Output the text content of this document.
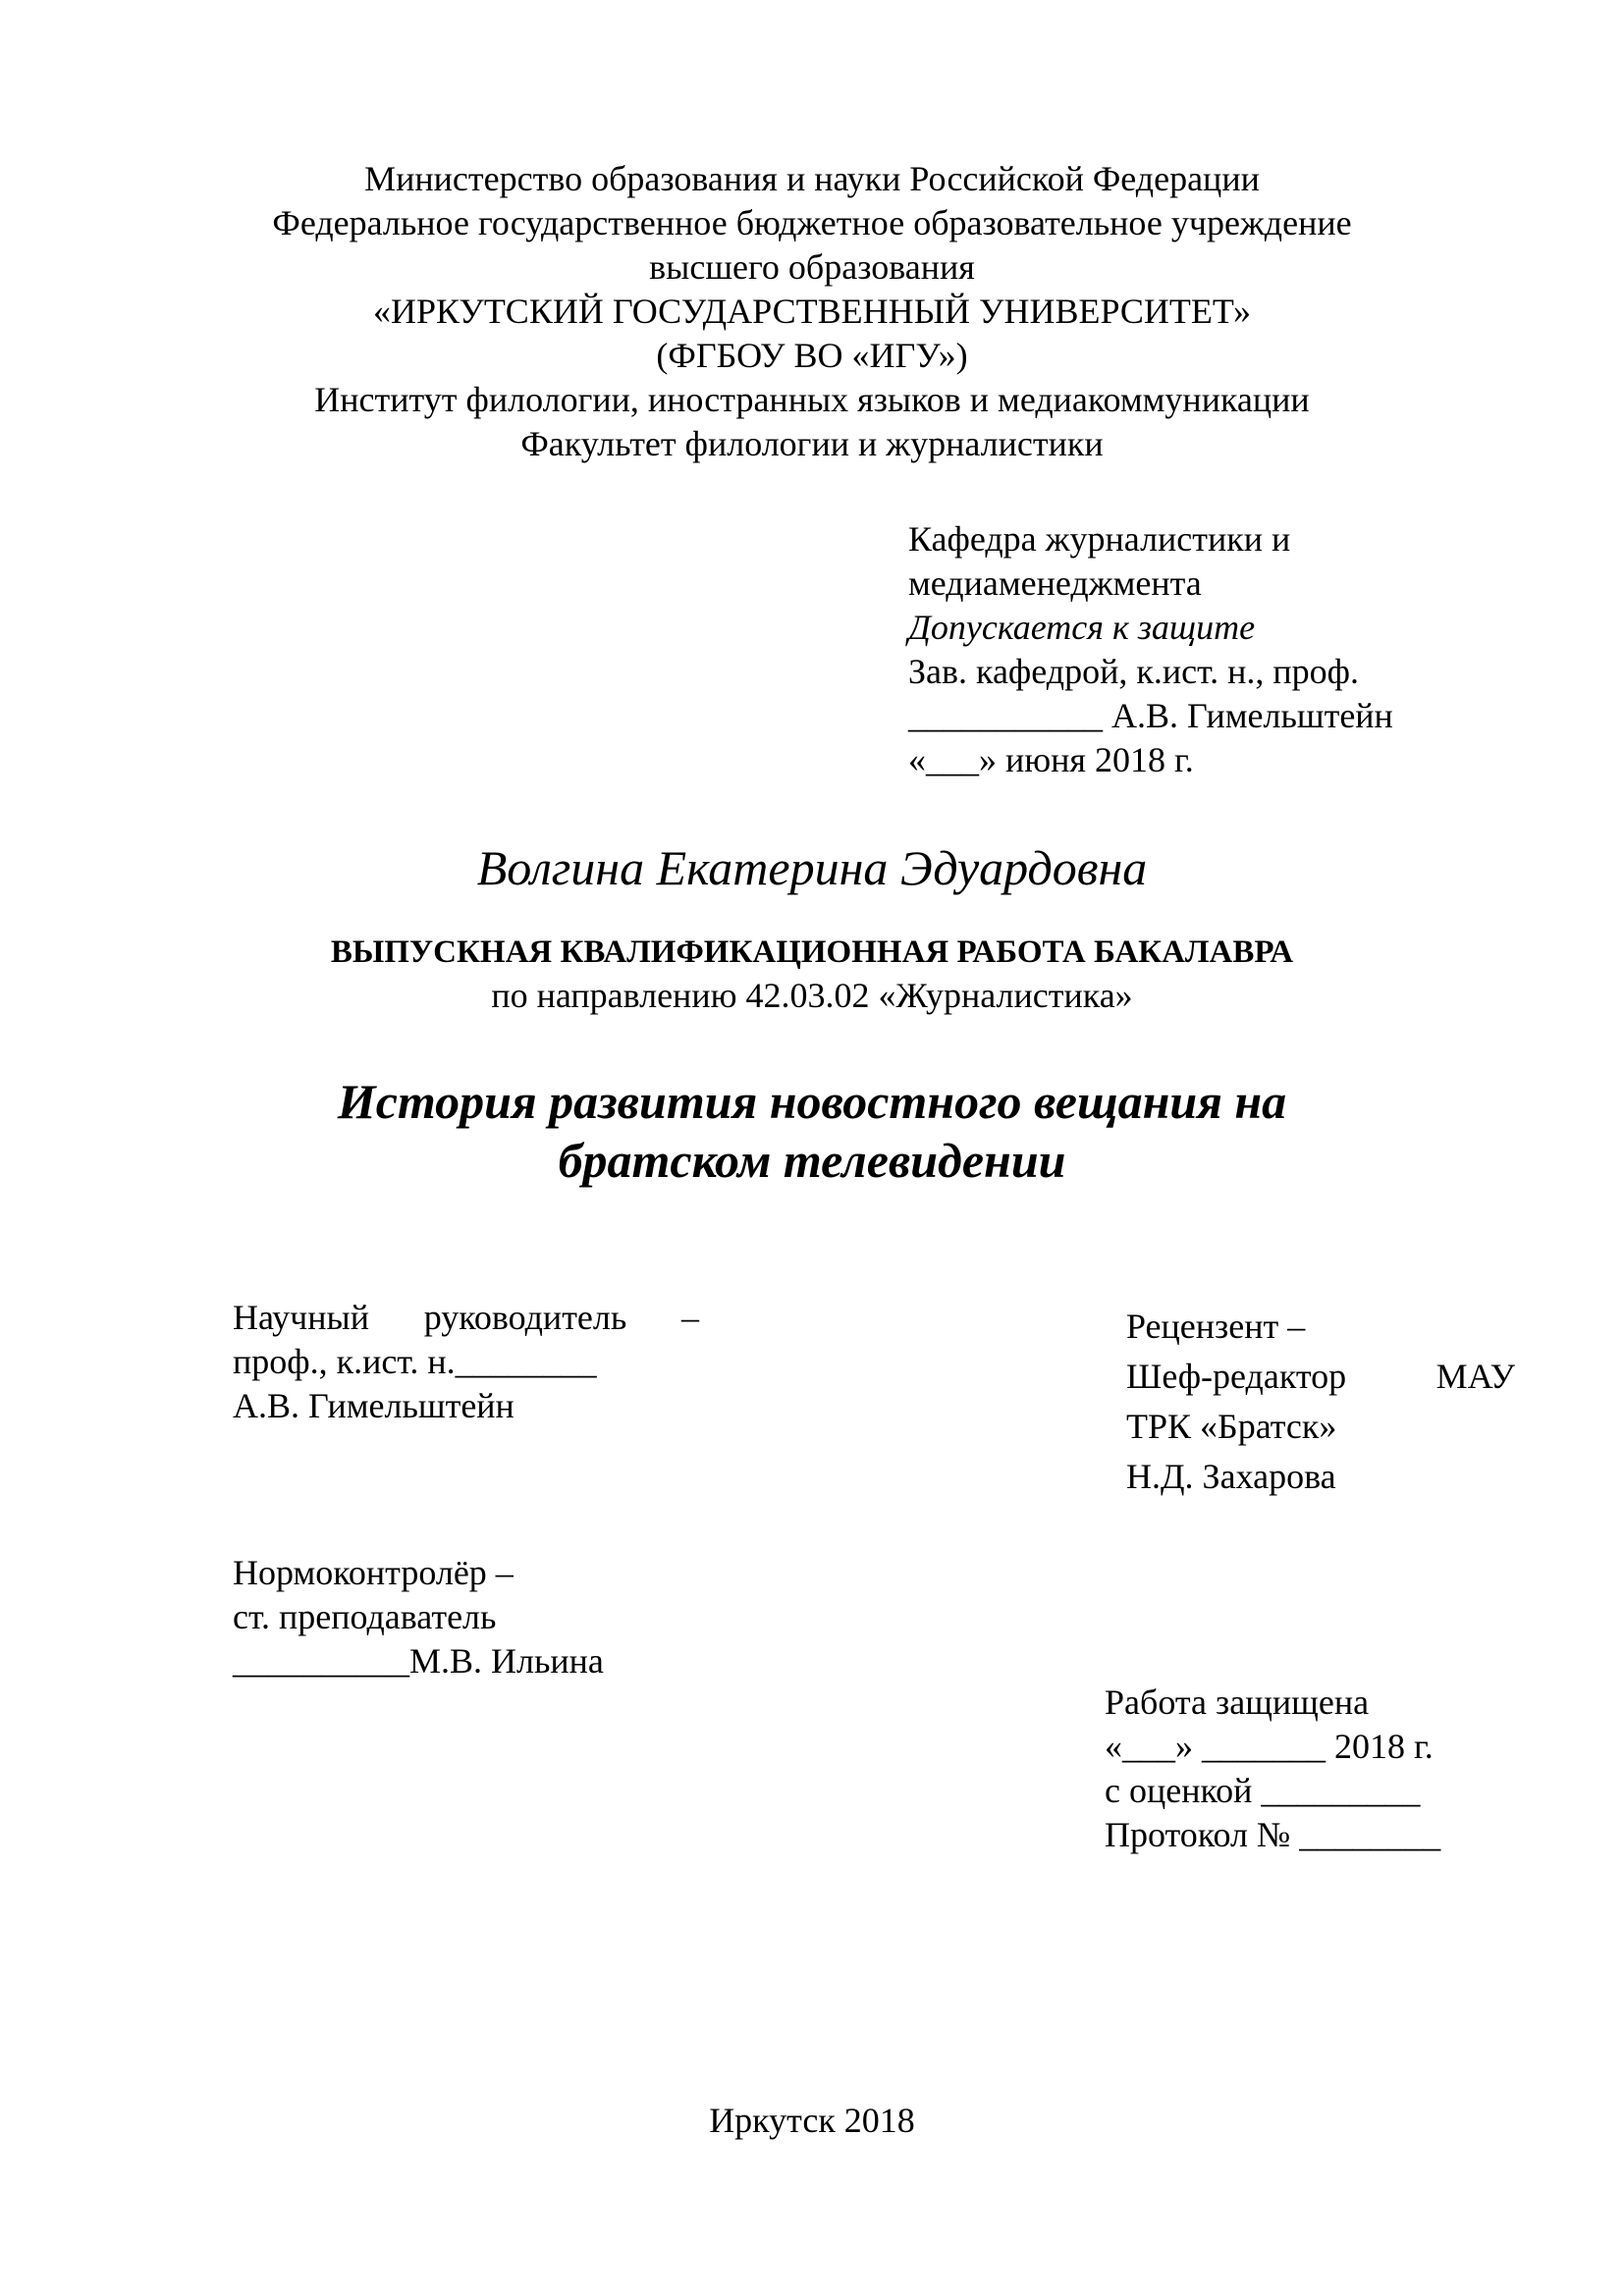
Министерство образования и науки Российской Федерации
Федеральное государственное бюджетное образовательное учреждение
высшего образования
«ИРКУТСКИЙ ГОСУДАРСТВЕННЫЙ УНИВЕРСИТЕТ»
(ФГБОУ ВО «ИГУ»)
Институт филологии, иностранных языков и медиакоммуникации
Факультет филологии и журналистики
Кафедра журналистики и
медиаменеджмента
Допускается к защите
Зав. кафедрой, к.ист. н., проф.
___________ А.В. Гимельштейн
«___» июня 2018 г.
Волгина Екатерина Эдуардовна
ВЫПУСКНАЯ КВАЛИФИКАЦИОННАЯ РАБОТА БАКАЛАВРА
по направлению 42.03.02 «Журналистика»
История развития новостного вещания на
братском телевидении
Научный руководитель –
проф., к.ист. н.________
А.В. Гимельштейн
Рецензент –
Шеф-редактор	МАУ
ТРК «Братск»
Н.Д. Захарова
Нормоконтролёр –
ст. преподаватель
__________М.В. Ильина
Работа защищена
«___» _______ 2018 г.
с оценкой _________
Протокол № ________
Иркутск 2018
